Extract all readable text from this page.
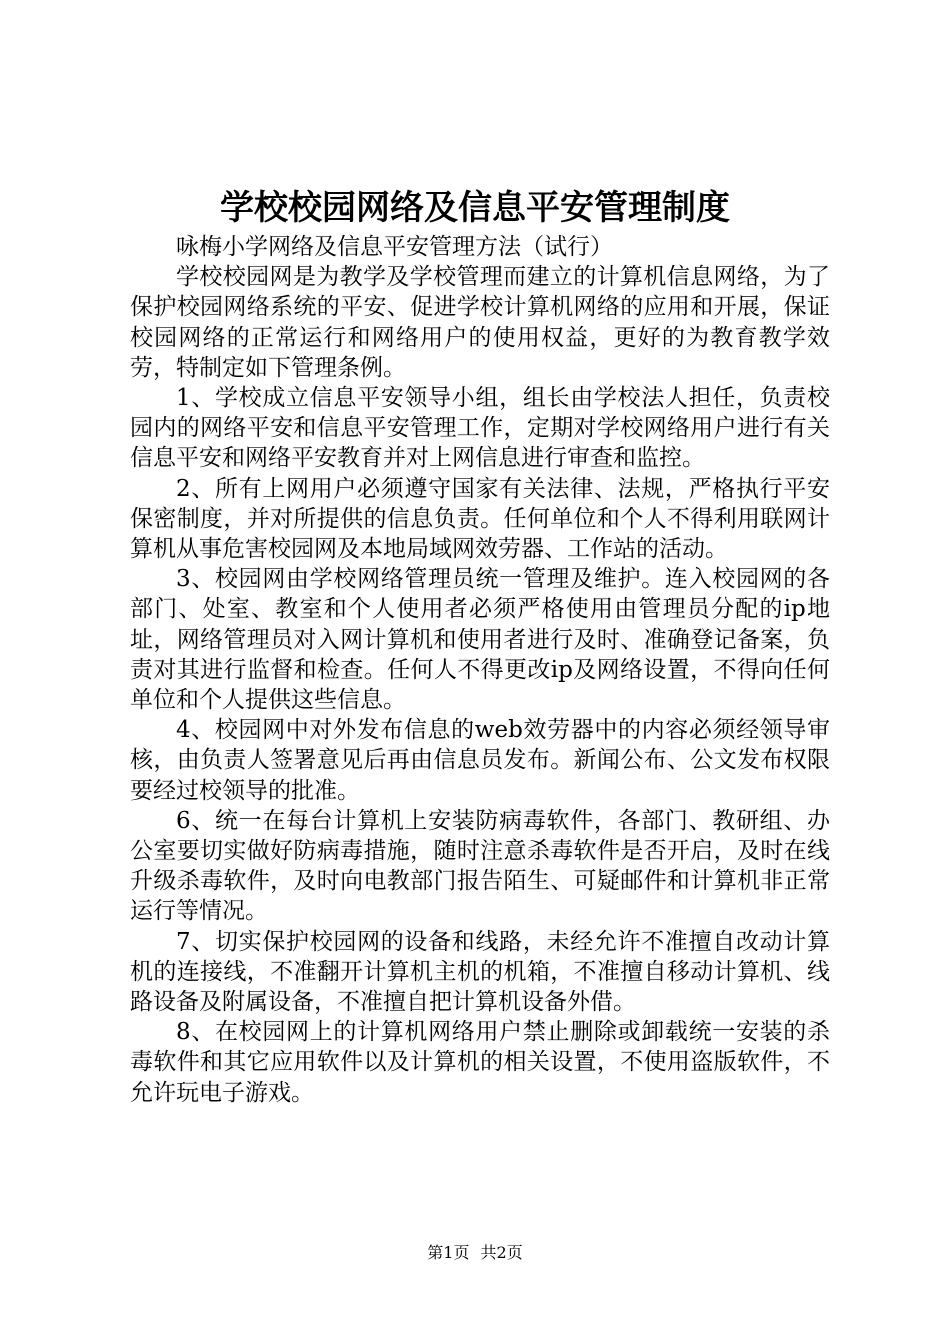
学校校园网络及信息平安管理制度

咏梅小学网络及信息平安管理方法（试行）

学校校园网是为教学及学校管理而建立的计算机信息网络，为了保护校园网络系统的平安、促进学校计算机网络的应用和开展，保证校园网络的正常运行和网络用户的使用权益，更好的为教育教学效劳，特制定如下管理条例。

1、学校成立信息平安领导小组，组长由学校法人担任，负责校园内的网络平安和信息平安管理工作，定期对学校网络用户进行有关信息平安和网络平安教育并对上网信息进行审查和监控。

2、所有上网用户必须遵守国家有关法律、法规，严格执行平安保密制度，并对所提供的信息负责。任何单位和个人不得利用联网计算机从事危害校园网及本地局域网效劳器、工作站的活动。

3、校园网由学校网络管理员统一管理及维护。连入校园网的各部门、处室、教室和个人使用者必须严格使用由管理员分配的ip地址，网络管理员对入网计算机和使用者进行及时、准确登记备案，负责对其进行监督和检查。任何人不得更改ip及网络设置，不得向任何单位和个人提供这些信息。

4、校园网中对外发布信息的web效劳器中的内容必须经领导审核，由负责人签署意见后再由信息员发布。新闻公布、公文发布权限要经过校领导的批准。

6、统一在每台计算机上安装防病毒软件，各部门、教研组、办公室要切实做好防病毒措施，随时注意杀毒软件是否开启，及时在线升级杀毒软件，及时向电教部门报告陌生、可疑邮件和计算机非正常运行等情况。

7、切实保护校园网的设备和线路，未经允许不准擅自改动计算机的连接线，不准翻开计算机主机的机箱，不准擅自移动计算机、线路设备及附属设备，不准擅自把计算机设备外借。

8、在校园网上的计算机网络用户禁止删除或卸载统一安装的杀毒软件和其它应用软件以及计算机的相关设置，不使用盗版软件，不允许玩电子游戏。

第1页 共2页
